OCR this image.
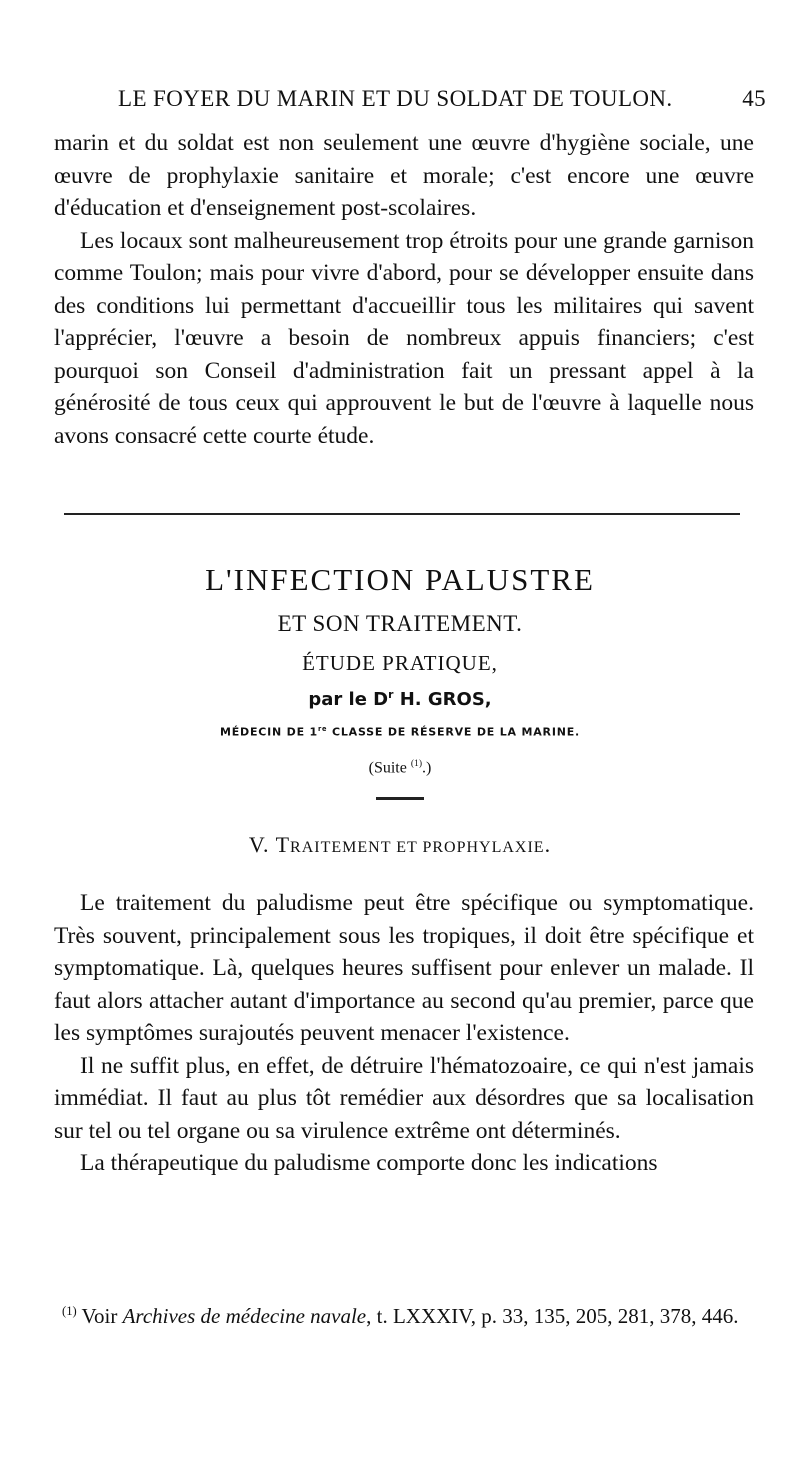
LE FOYER DU MARIN ET DU SOLDAT DE TOULON.	45

marin et du soldat est non seulement une œuvre d'hygiène sociale, une œuvre de prophylaxie sanitaire et morale; c'est encore une œuvre d'éducation et d'enseignement post-scolaires.

Les locaux sont malheureusement trop étroits pour une grande garnison comme Toulon; mais pour vivre d'abord, pour se développer ensuite dans des conditions lui permettant d'accueillir tous les militaires qui savent l'apprécier, l'œuvre a besoin de nombreux appuis financiers; c'est pourquoi son Conseil d'administration fait un pressant appel à la générosité de tous ceux qui approuvent le but de l'œuvre à laquelle nous avons consacré cette courte étude.

L'INFECTION PALUSTRE
ET SON TRAITEMENT.
ÉTUDE PRATIQUE,
par le $D^r$ H. GROS,
MÉDECIN DE 1re CLASSE DE RÉSERVE DE LA MARINE.
(Suite $^{(1)}$.)
V. TRAITEMENT ET PROPHYLAXIE.

Le traitement du paludisme peut être spécifique ou symptomatique. Très souvent, principalement sous les tropiques, il doit être spécifique et symptomatique. Là, quelques heures suffisent pour enlever un malade. Il faut alors attacher autant d'importance au second qu'au premier, parce que les symptômes surajoutés peuvent menacer l'existence.

Il ne suffit plus, en effet, de détruire l'hématozoaire, ce qui n'est jamais immédiat. Il faut au plus tôt remédier aux désordres que sa localisation sur tel ou tel organe ou sa virulence extrême ont déterminés.

La thérapeutique du paludisme comporte donc les indications

$^{(1)}$ Voir Archives de médecine navale, t. LXXXIV, p. 33, 135, 205, 281, 378, 446.
